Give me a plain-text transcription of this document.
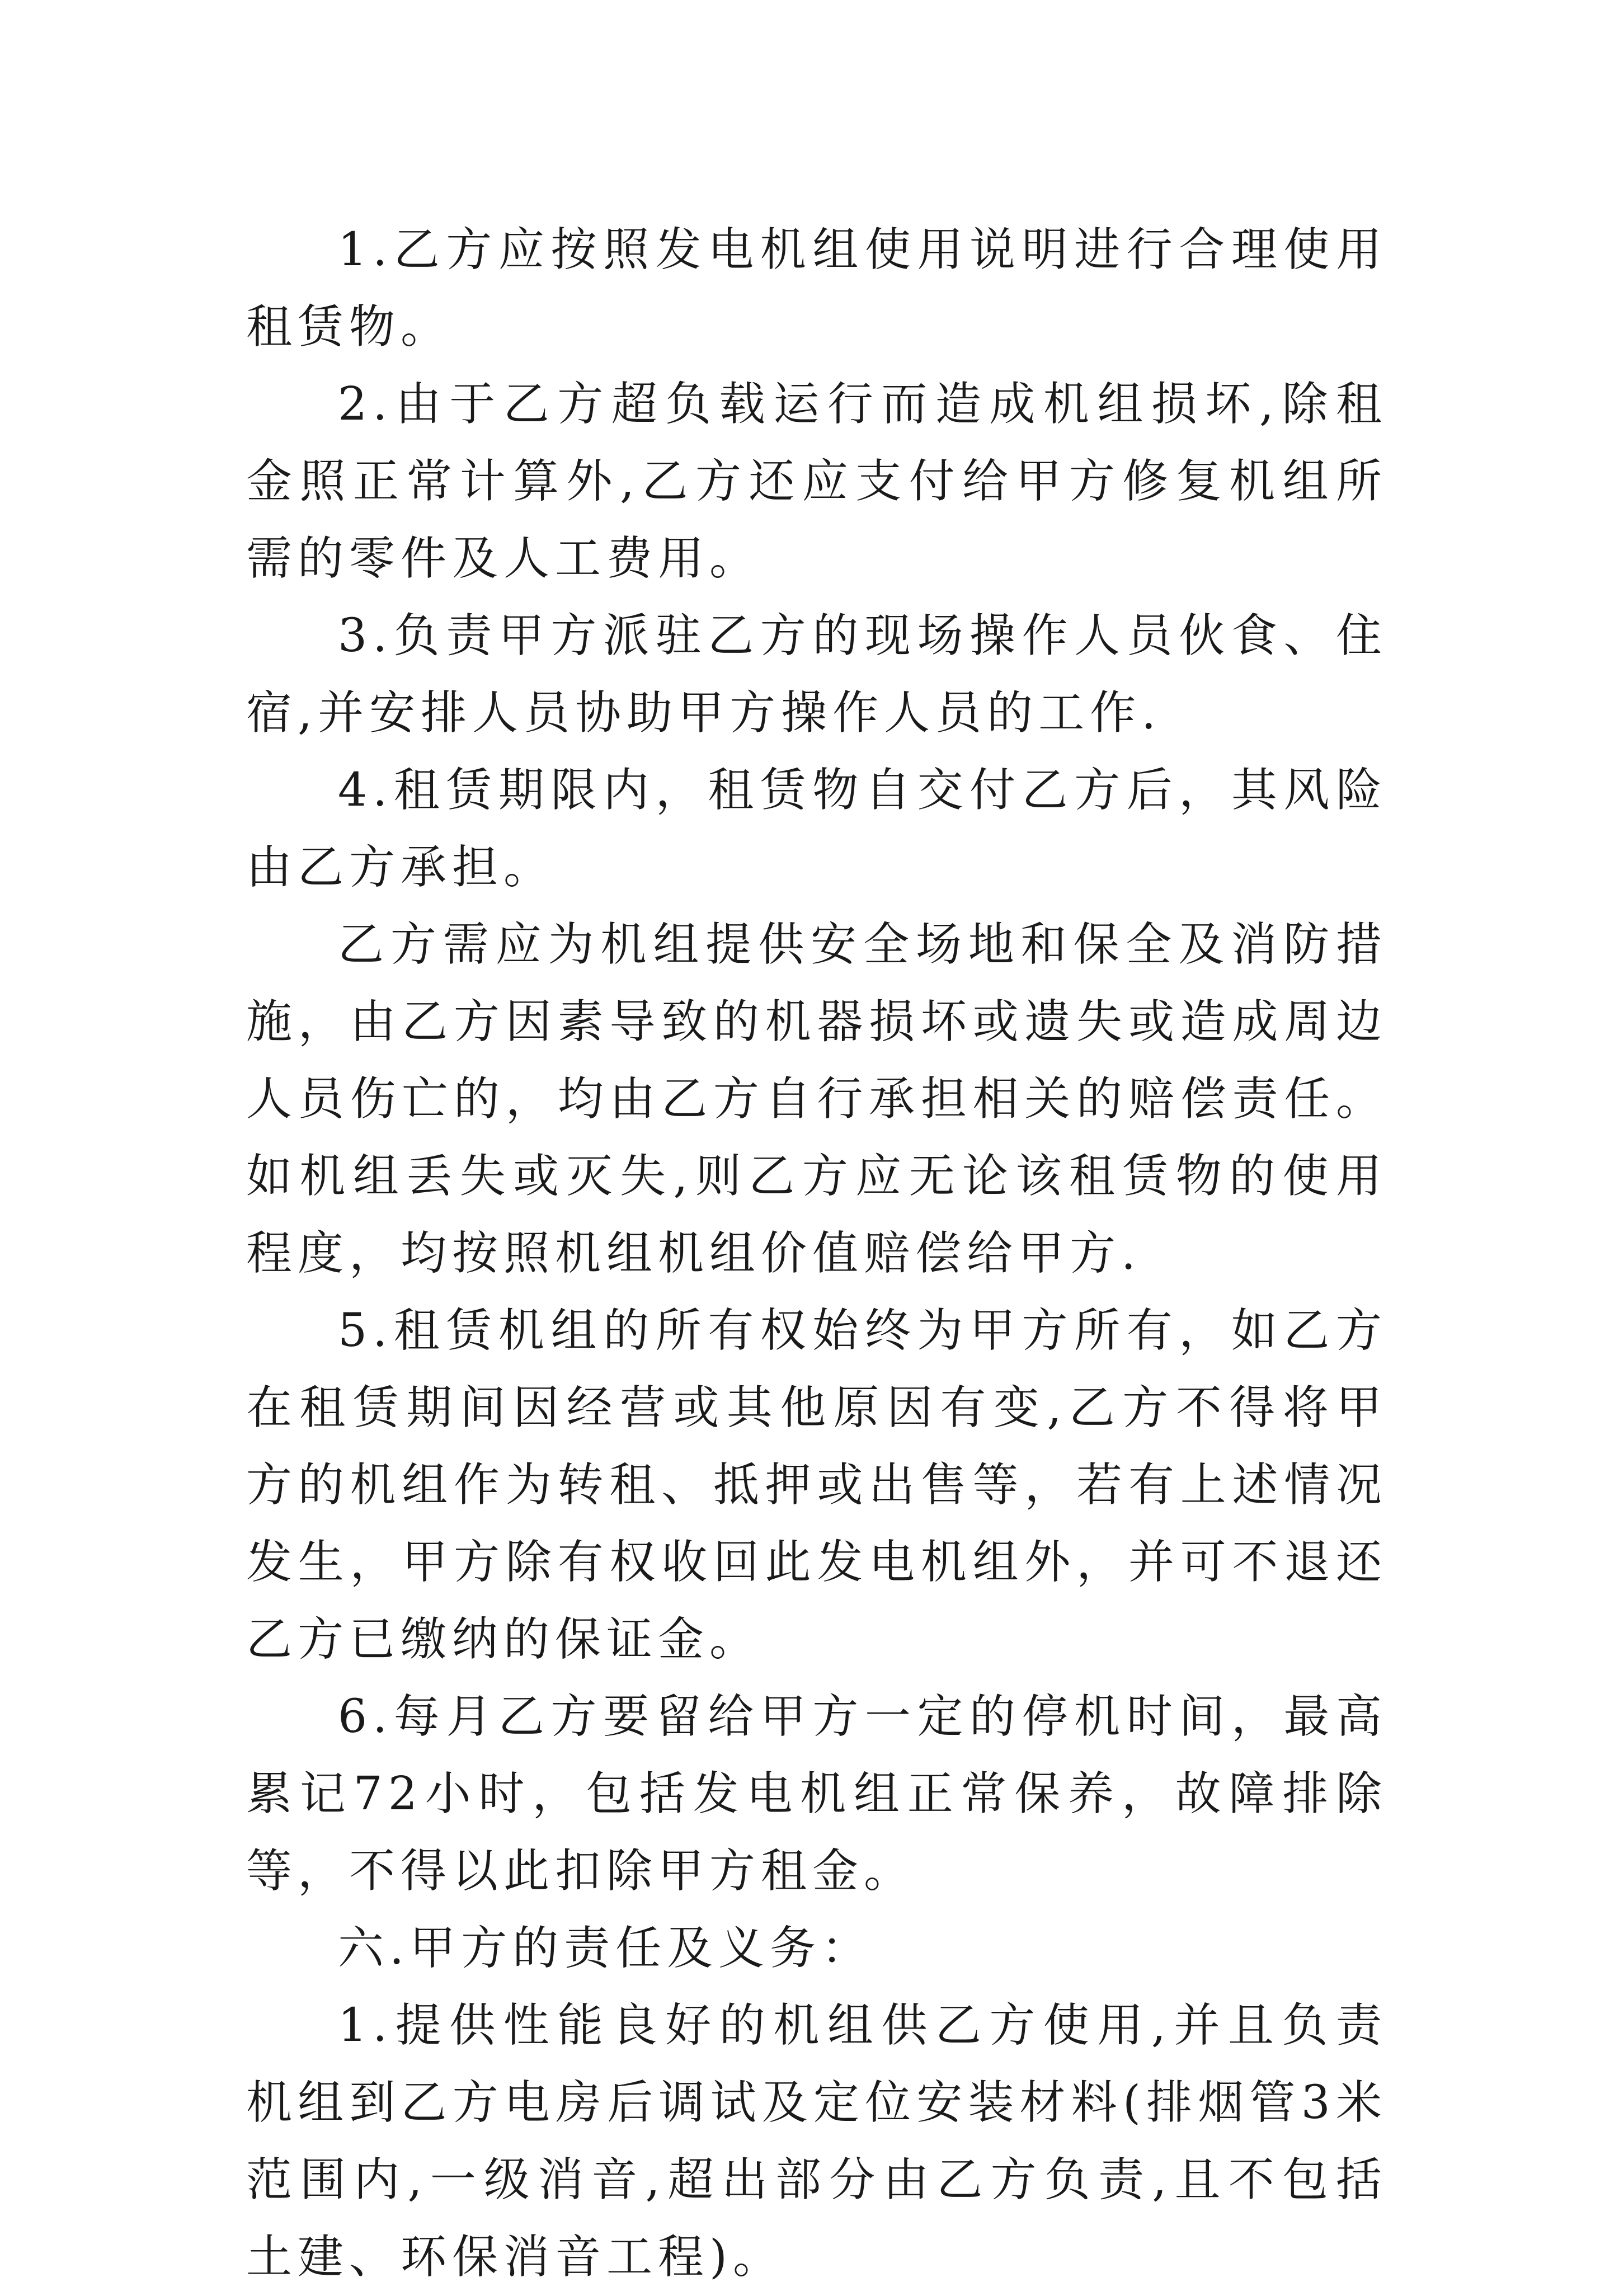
1.乙方应按照发电机组使用说明进行合理使用租赁物。

2.由于乙方超负载运行而造成机组损坏,除租金照正常计算外,乙方还应支付给甲方修复机组所需的零件及人工费用。

3.负责甲方派驻乙方的现场操作人员伙食、住宿,并安排人员协助甲方操作人员的工作.

4.租赁期限内，租赁物自交付乙方后，其风险由乙方承担。

乙方需应为机组提供安全场地和保全及消防措施，由乙方因素导致的机器损坏或遗失或造成周边人员伤亡的，均由乙方自行承担相关的赔偿责任。如机组丢失或灭失,则乙方应无论该租赁物的使用程度，均按照机组机组价值赔偿给甲方.

5.租赁机组的所有权始终为甲方所有，如乙方在租赁期间因经营或其他原因有变,乙方不得将甲方的机组作为转租、抵押或出售等，若有上述情况发生，甲方除有权收回此发电机组外，并可不退还乙方已缴纳的保证金。

6.每月乙方要留给甲方一定的停机时间，最高累记72小时，包括发电机组正常保养，故障排除等，不得以此扣除甲方租金。

六.甲方的责任及义务：

1.提供性能良好的机组供乙方使用,并且负责机组到乙方电房后调试及定位安装材料(排烟管3米范围内,一级消音,超出部分由乙方负责,且不包括土建、环保消音工程)。
